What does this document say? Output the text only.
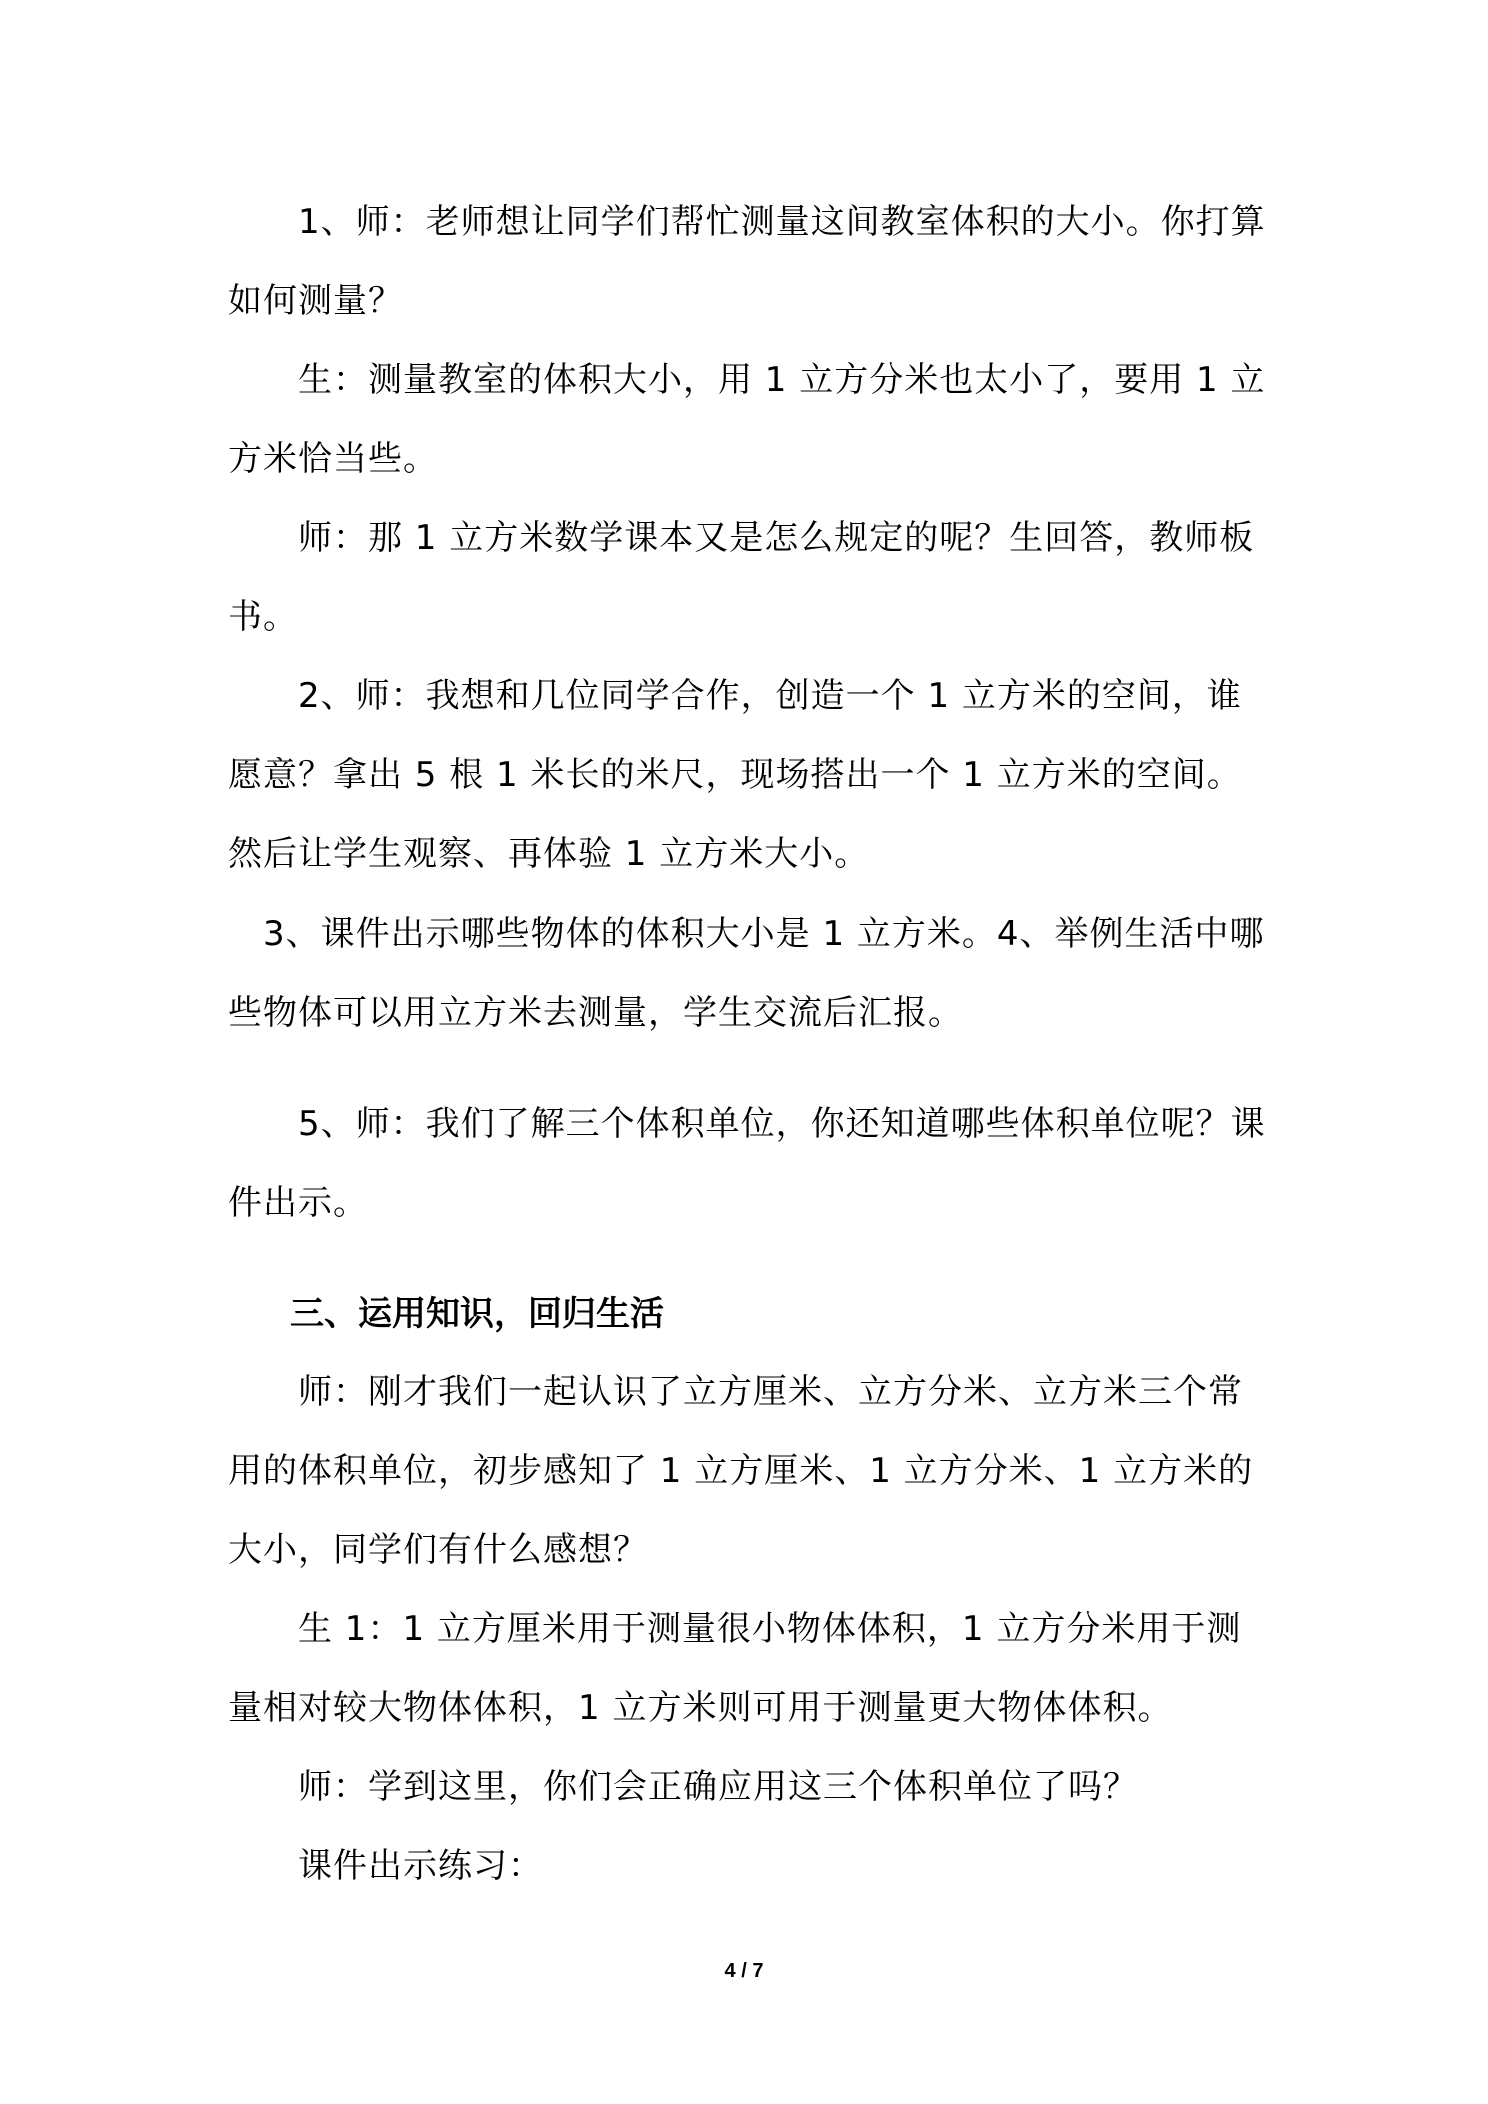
　　1、师：老师想让同学们帮忙测量这间教室体积的大小。你打算如何测量？

　　生：测量教室的体积大小，用 1 立方分米也太小了，要用 1 立方米恰当些。

　　师：那 1 立方米数学课本又是怎么规定的呢？生回答，教师板书。

　　2、师：我想和几位同学合作，创造一个 1 立方米的空间，谁愿意？拿出 5 根 1 米长的米尺，现场搭出一个 1 立方米的空间。然后让学生观察、再体验 1 立方米大小。

　3、课件出示哪些物体的体积大小是 1 立方米。4、举例生活中哪些物体可以用立方米去测量，学生交流后汇报。

　　5、师：我们了解三个体积单位，你还知道哪些体积单位呢？课件出示。

三、运用知识，回归生活

　　师：刚才我们一起认识了立方厘米、立方分米、立方米三个常用的体积单位，初步感知了 1 立方厘米、1 立方分米、1 立方米的大小，同学们有什么感想？

　　生 1：1 立方厘米用于测量很小物体体积，1 立方分米用于测量相对较大物体体积，1 立方米则可用于测量更大物体体积。

　　师：学到这里，你们会正确应用这三个体积单位了吗？

　　课件出示练习：

4 / 7
